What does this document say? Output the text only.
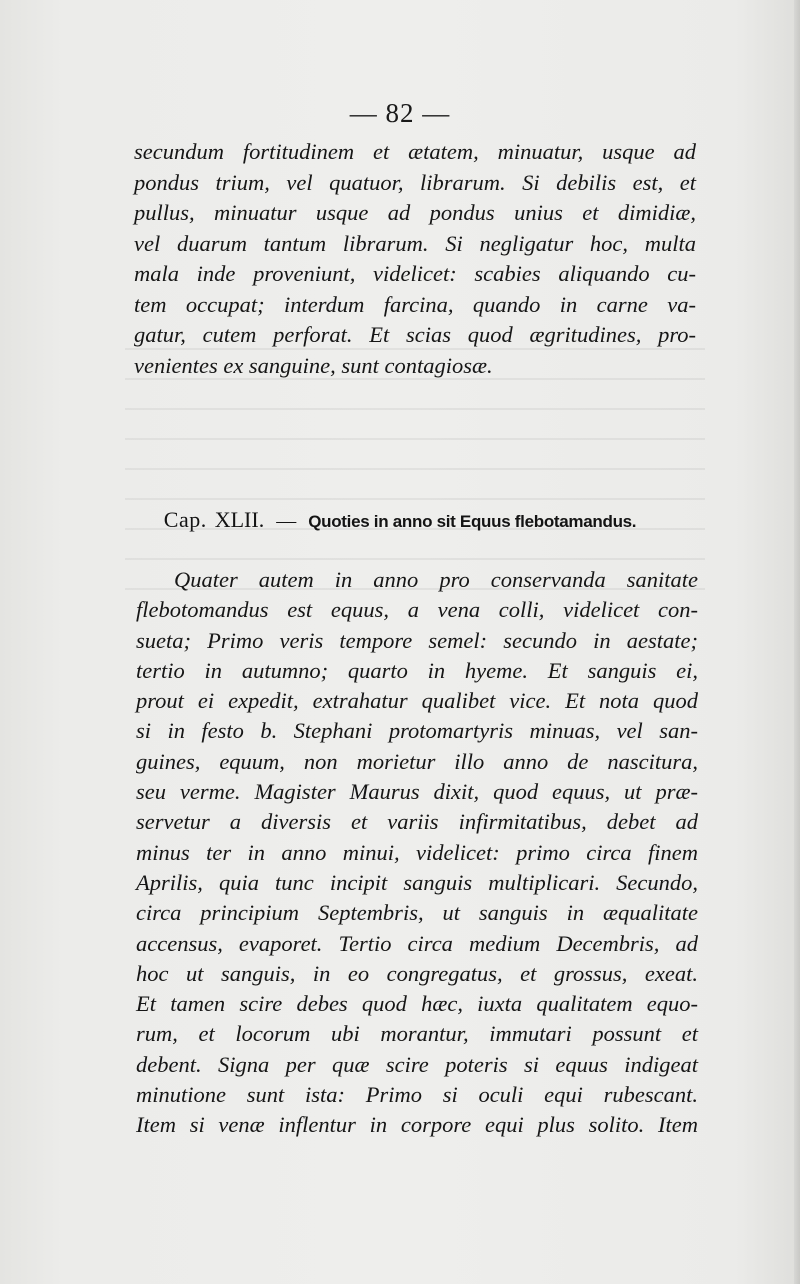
— 82 —
secundum fortitudinem et ætatem, minuatur, usque ad
pondus trium, vel quatuor, librarum. Si debilis est, et
pullus, minuatur usque ad pondus unius et dimidiæ,
vel duarum tantum librarum. Si negligatur hoc, multa
mala inde proveniunt, videlicet: scabies aliquando cu-
tem occupat; interdum farcina, quando in carne va-
gatur, cutem perforat. Et scias quod ægritudines, pro-
venientes ex sanguine, sunt contagiosæ.
Cap. XLII. — Quoties in anno sit Equus flebotamandus.
Quater autem in anno pro conservanda sanitate
flebotomandus est equus, a vena colli, videlicet con-
sueta; Primo veris tempore semel: secundo in aestate;
tertio in autumno; quarto in hyeme. Et sanguis ei,
prout ei expedit, extrahatur qualibet vice. Et nota quod
si in festo b. Stephani protomartyris minuas, vel san-
guines, equum, non morietur illo anno de nascitura,
seu verme. Magister Maurus dixit, quod equus, ut præ-
servetur a diversis et variis infirmitatibus, debet ad
minus ter in anno minui, videlicet: primo circa finem
Aprilis, quia tunc incipit sanguis multiplicari. Secundo,
circa principium Septembris, ut sanguis in æqualitate
accensus, evaporet. Tertio circa medium Decembris, ad
hoc ut sanguis, in eo congregatus, et grossus, exeat.
Et tamen scire debes quod hæc, iuxta qualitatem equo-
rum, et locorum ubi morantur, immutari possunt et
debent. Signa per quæ scire poteris si equus indigeat
minutione sunt ista: Primo si oculi equi rubescant.
Item si venæ inflentur in corpore equi plus solito. Item
